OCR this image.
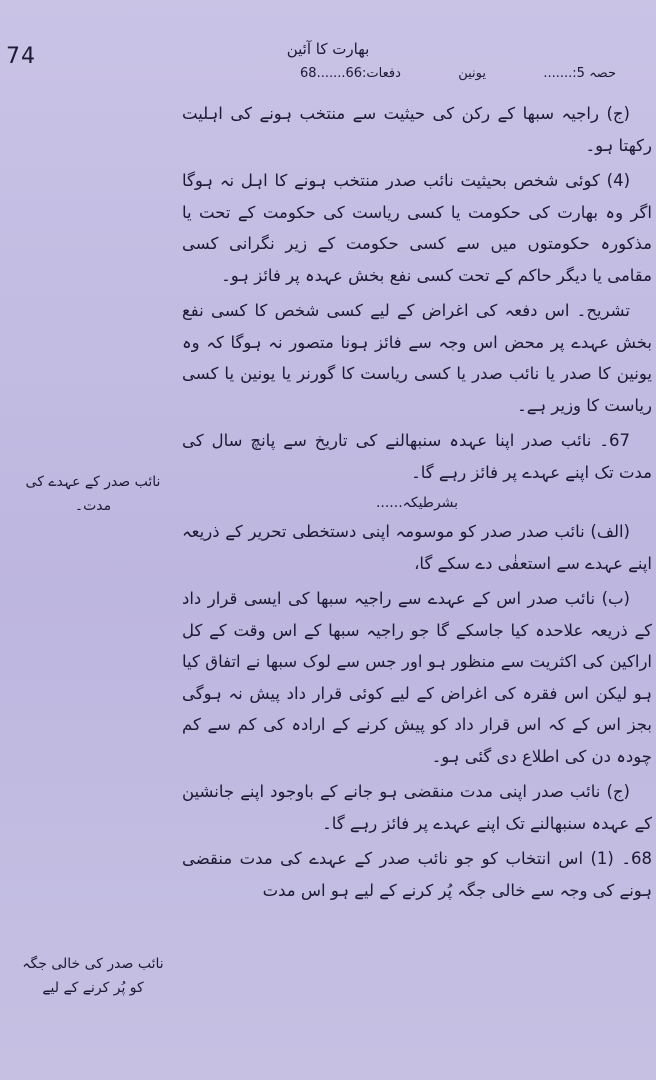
74	بھارت کا آئین
حصہ 5:.......
یونین
دفعات:66.......68

(ج) راجیہ سبھا کے رکن کی حیثیت سے منتخب ہونے کی اہلیت رکھتا ہو۔

(4) کوئی شخص بحیثیت نائب صدر منتخب ہونے کا اہل نہ ہوگا اگر وہ بھارت کی حکومت یا کسی ریاست کی حکومت کے تحت یا مذکورہ حکومتوں میں سے کسی حکومت کے زیر نگرانی کسی مقامی یا دیگر حاکم کے تحت کسی نفع بخش عہدہ پر فائز ہو۔

تشریح۔ اس دفعہ کی اغراض کے لیے کسی شخص کا کسی نفع بخش عہدے پر محض اس وجہ سے فائز ہونا متصور نہ ہوگا کہ وہ یونین کا صدر یا نائب صدر یا کسی ریاست کا گورنر یا یونین یا کسی ریاست کا وزیر ہے۔

67۔ نائب صدر اپنا عہدہ سنبھالنے کی تاریخ سے پانچ سال کی مدت تک اپنے عہدے پر فائز رہے گا۔

بشرطیکہ......

(الف) نائب صدر صدر کو موسومہ اپنی دستخطی تحریر کے ذریعہ اپنے عہدے سے استعفٰی دے سکے گا،

(ب) نائب صدر اس کے عہدے سے راجیہ سبھا کی ایسی قرار داد کے ذریعہ علاحدہ کیا جاسکے گا جو راجیہ سبھا کے اس وقت کے کل اراکین کی اکثریت سے منظور ہو اور جس سے لوک سبھا نے اتفاق کیا ہو لیکن اس فقرہ کی اغراض کے لیے کوئی قرار داد پیش نہ ہوگی بجز اس کے کہ اس قرار داد کو پیش کرنے کے ارادہ کی کم سے کم چودہ دن کی اطلاع دی گئی ہو۔

(ج) نائب صدر اپنی مدت منقضی ہو جانے کے باوجود اپنے جانشین کے عہدہ سنبھالنے تک اپنے عہدے پر فائز رہے گا۔

68۔ (1) اس انتخاب کو جو نائب صدر کے عہدے کی مدت منقضی ہونے کی وجہ سے خالی جگہ پُر کرنے کے لیے ہو اس مدت

نائب صدر کے عہدے کی مدت۔
نائب صدر کی خالی جگہ کو پُر کرنے کے لیے
